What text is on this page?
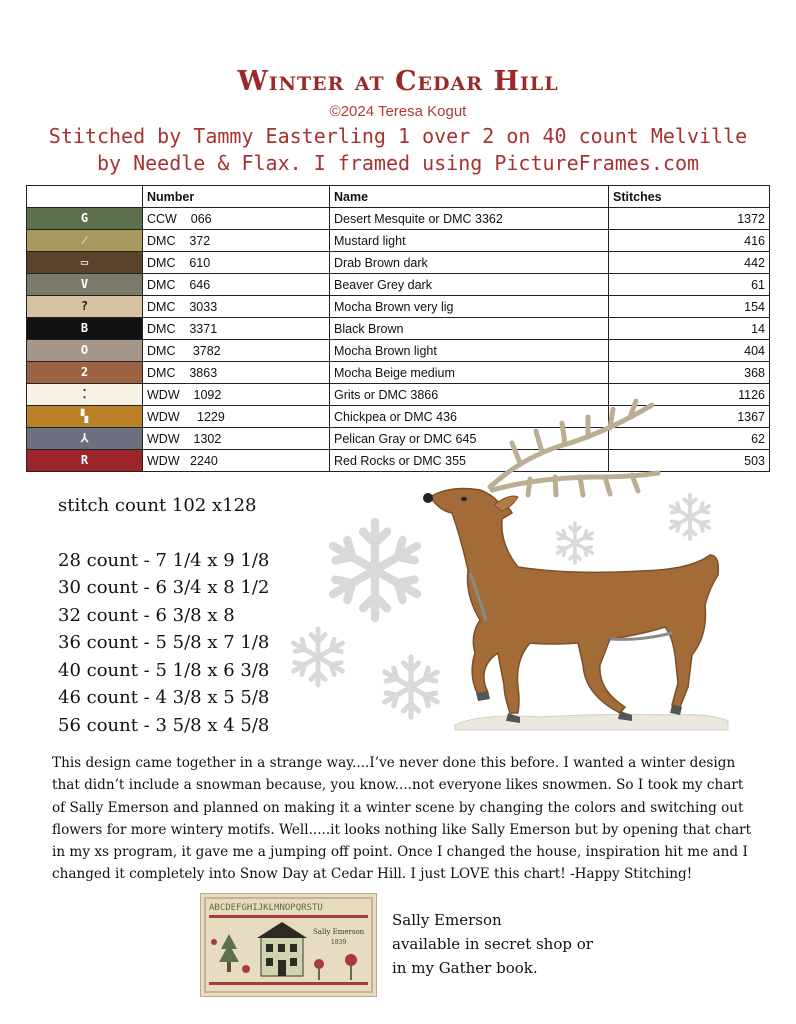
Winter at Cedar Hill
©2024 Teresa Kogut
Stitched by Tammy Easterling 1 over 2 on 40 count Melville
by Needle & Flax. I framed using PictureFrames.com
	Number	Name	Stitches

G	CCW    066	Desert Mesquite or DMC 3362	1372

⁄	DMC    372	Mustard light	416

▭	DMC    610	Drab Brown dark	442

V	DMC    646	Beaver Grey dark	61

?	DMC    3033	Mocha Brown very lig	154

B	DMC    3371	Black Brown	14

O	DMC     3782	Mocha Brown light	404

2	DMC    3863	Mocha Beige medium	368

⁚	WDW    1092	Grits or DMC 3866	1126

▚	WDW     1229	Chickpea or DMC 436	1367

⅄	WDW    1302	Pelican Gray or DMC 645	62

R	WDW   2240	Red Rocks or DMC 355	503
stitch count 102 x128
28 count - 7 1/4 x 9 1/8
30 count - 6 3/4 x 8 1/2
32 count - 6 3/8 x 8
36 count - 5 5/8 x 7 1/8
40 count - 5 1/8 x 6 3/8
46 count - 4 3/8 x 5 5/8
56 count - 3 5/8 x 4 5/8
This design came together in a strange way....I’ve never done this before. I wanted a winter design
that didn’t include a snowman because, you know....not everyone likes snowmen. So I took my chart
of Sally Emerson and planned on making it a winter scene by changing the colors and switching out
flowers for more wintery motifs. Well.....it looks nothing like Sally Emerson but by opening that chart
in my xs program, it gave me a jumping off point. Once I changed the house, inspiration hit me and I
changed it completely into Snow Day at Cedar Hill. I just LOVE this chart! -Happy Stitching!
ABCDEFGHIJKLMNOPQRSTU
Sally Emerson
1839
Sally Emerson
available in secret shop or
in my Gather book.
